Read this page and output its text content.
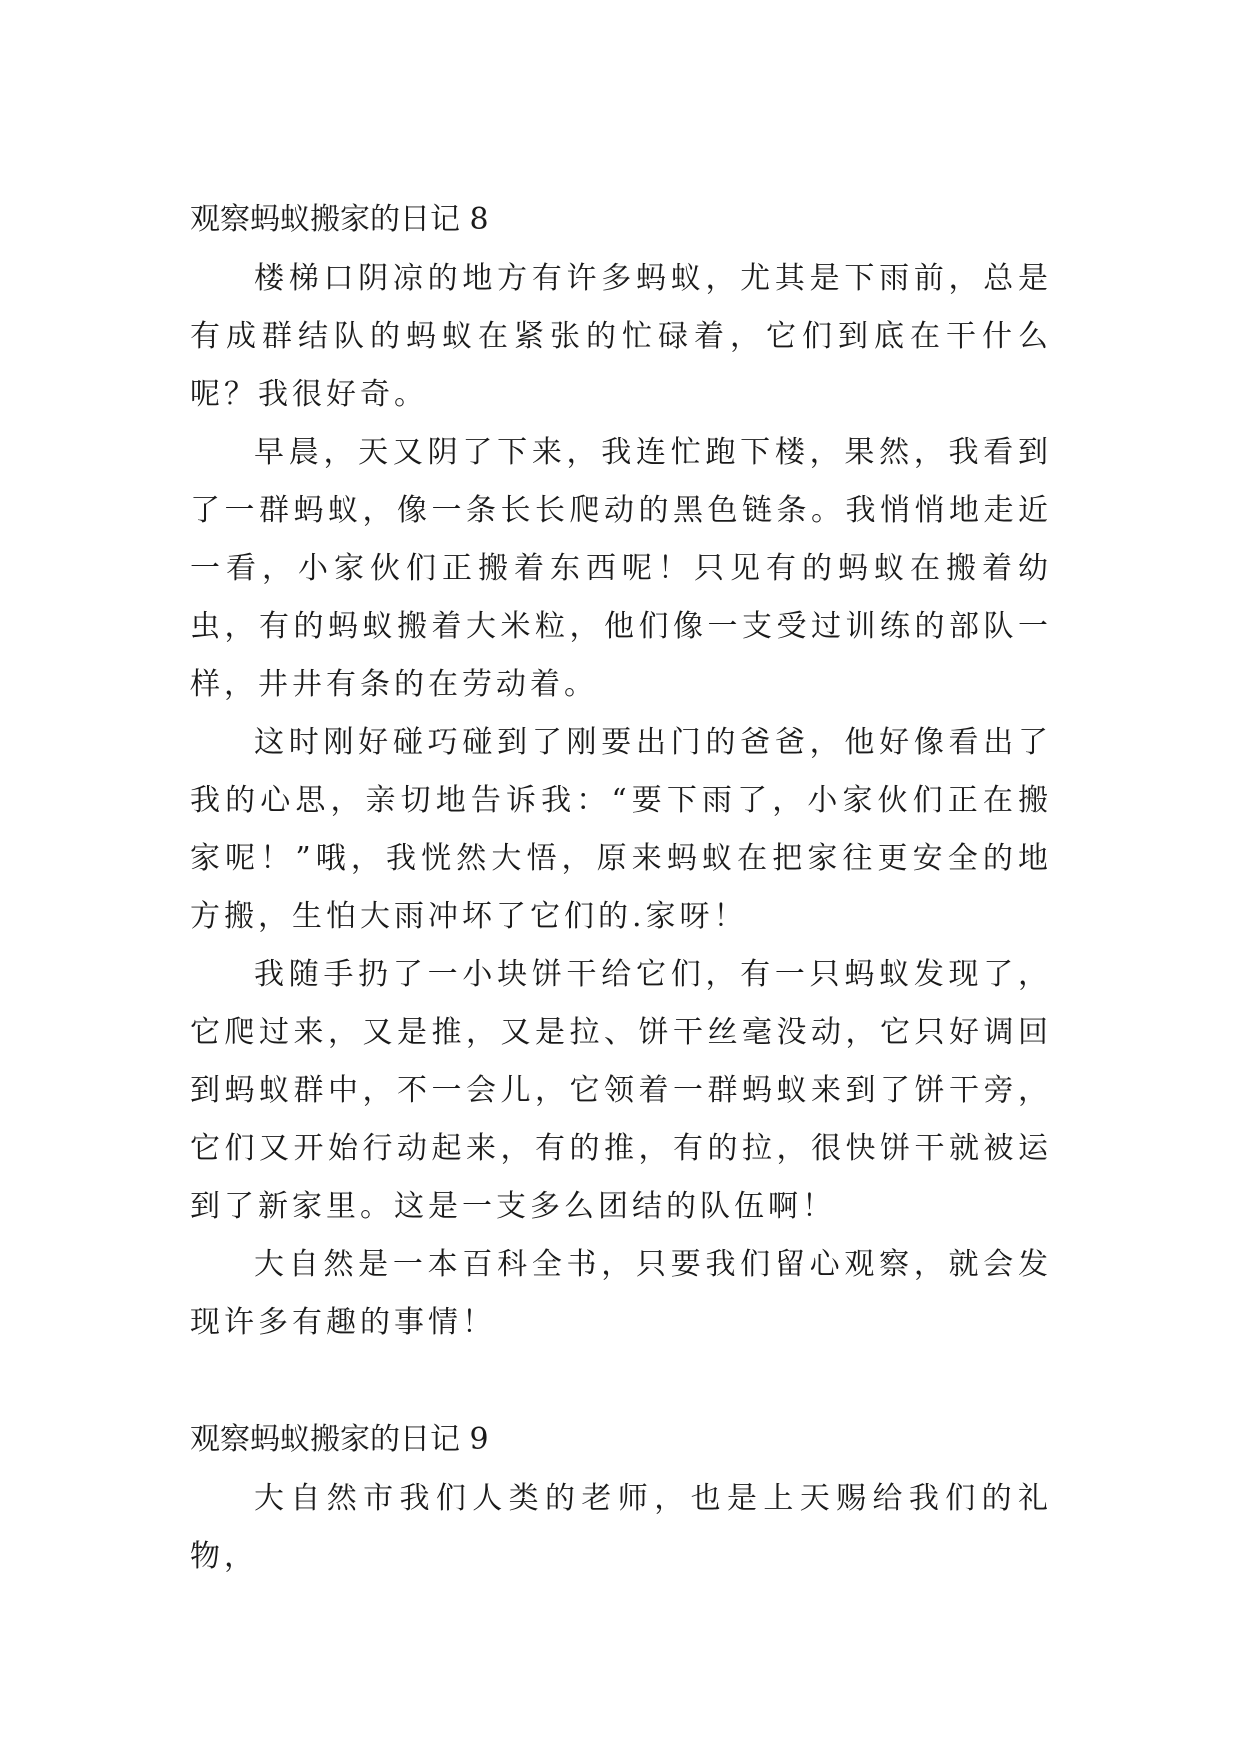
观察蚂蚁搬家的日记 8

楼梯口阴凉的地方有许多蚂蚁，尤其是下雨前，总是有成群结队的蚂蚁在紧张的忙碌着，它们到底在干什么呢？我很好奇。

早晨，天又阴了下来，我连忙跑下楼，果然，我看到了一群蚂蚁，像一条长长爬动的黑色链条。我悄悄地走近一看，小家伙们正搬着东西呢！只见有的蚂蚁在搬着幼虫，有的蚂蚁搬着大米粒，他们像一支受过训练的部队一样，井井有条的在劳动着。

这时刚好碰巧碰到了刚要出门的爸爸，他好像看出了我的心思，亲切地告诉我：“要下雨了，小家伙们正在搬家呢！”哦，我恍然大悟，原来蚂蚁在把家往更安全的地方搬，生怕大雨冲坏了它们的.家呀！

我随手扔了一小块饼干给它们，有一只蚂蚁发现了，它爬过来，又是推，又是拉、饼干丝毫没动，它只好调回到蚂蚁群中，不一会儿，它领着一群蚂蚁来到了饼干旁，它们又开始行动起来，有的推，有的拉，很快饼干就被运到了新家里。这是一支多么团结的队伍啊！

大自然是一本百科全书，只要我们留心观察，就会发现许多有趣的事情！

观察蚂蚁搬家的日记 9

大自然市我们人类的老师，也是上天赐给我们的礼物，
